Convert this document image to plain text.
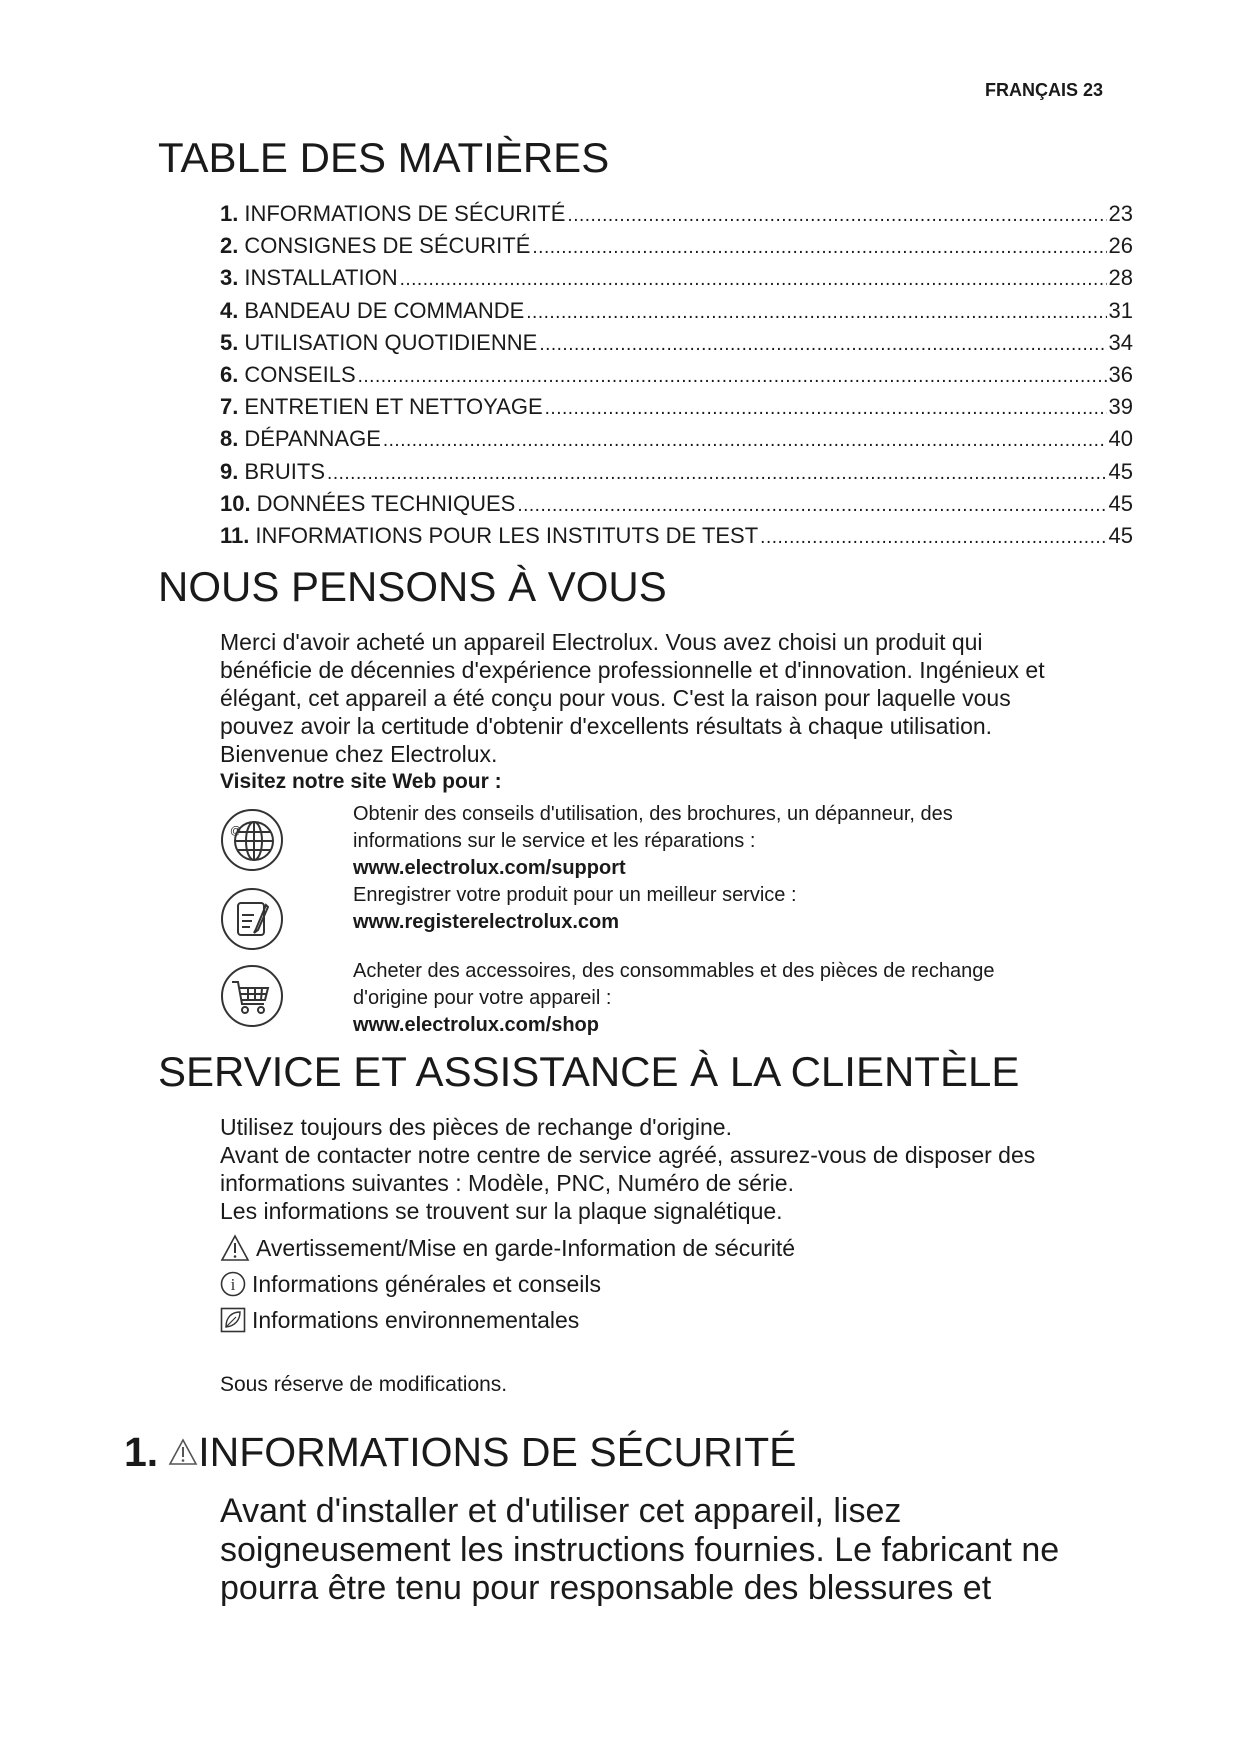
FRANÇAIS 23
TABLE DES MATIÈRES
1. INFORMATIONS DE SÉCURITÉ .....	23
2. CONSIGNES DE SÉCURITÉ .....	26
3. INSTALLATION .....	28
4. BANDEAU DE COMMANDE .....	31
5. UTILISATION QUOTIDIENNE .....	34
6. CONSEILS .....	36
7. ENTRETIEN ET NETTOYAGE .....	39
8. DÉPANNAGE .....	40
9. BRUITS .....	45
10. DONNÉES TECHNIQUES .....	45
11. INFORMATIONS POUR LES INSTITUTS DE TEST .....	45
NOUS PENSONS À VOUS
Merci d'avoir acheté un appareil Electrolux. Vous avez choisi un produit qui
bénéficie de décennies d'expérience professionnelle et d'innovation. Ingénieux et
élégant, cet appareil a été conçu pour vous. C'est la raison pour laquelle vous
pouvez avoir la certitude d'obtenir d'excellents résultats à chaque utilisation.
Bienvenue chez Electrolux.
Visitez notre site Web pour :
@
Obtenir des conseils d'utilisation, des brochures, un dépanneur, des
informations sur le service et les réparations :
www.electrolux.com/support
Enregistrer votre produit pour un meilleur service :
www.registerelectrolux.com
Acheter des accessoires, des consommables et des pièces de rechange
d'origine pour votre appareil :
www.electrolux.com/shop
SERVICE ET ASSISTANCE À LA CLIENTÈLE
Utilisez toujours des pièces de rechange d'origine.
Avant de contacter notre centre de service agréé, assurez-vous de disposer des
informations suivantes : Modèle, PNC, Numéro de série.
Les informations se trouvent sur la plaque signalétique.
Avertissement/Mise en garde-Information de sécurité
i Informations générales et conseils
Informations environnementales
Sous réserve de modifications.
1. INFORMATIONS DE SÉCURITÉ
Avant d'installer et d'utiliser cet appareil, lisez
soigneusement les instructions fournies. Le fabricant ne
pourra être tenu pour responsable des blessures et
